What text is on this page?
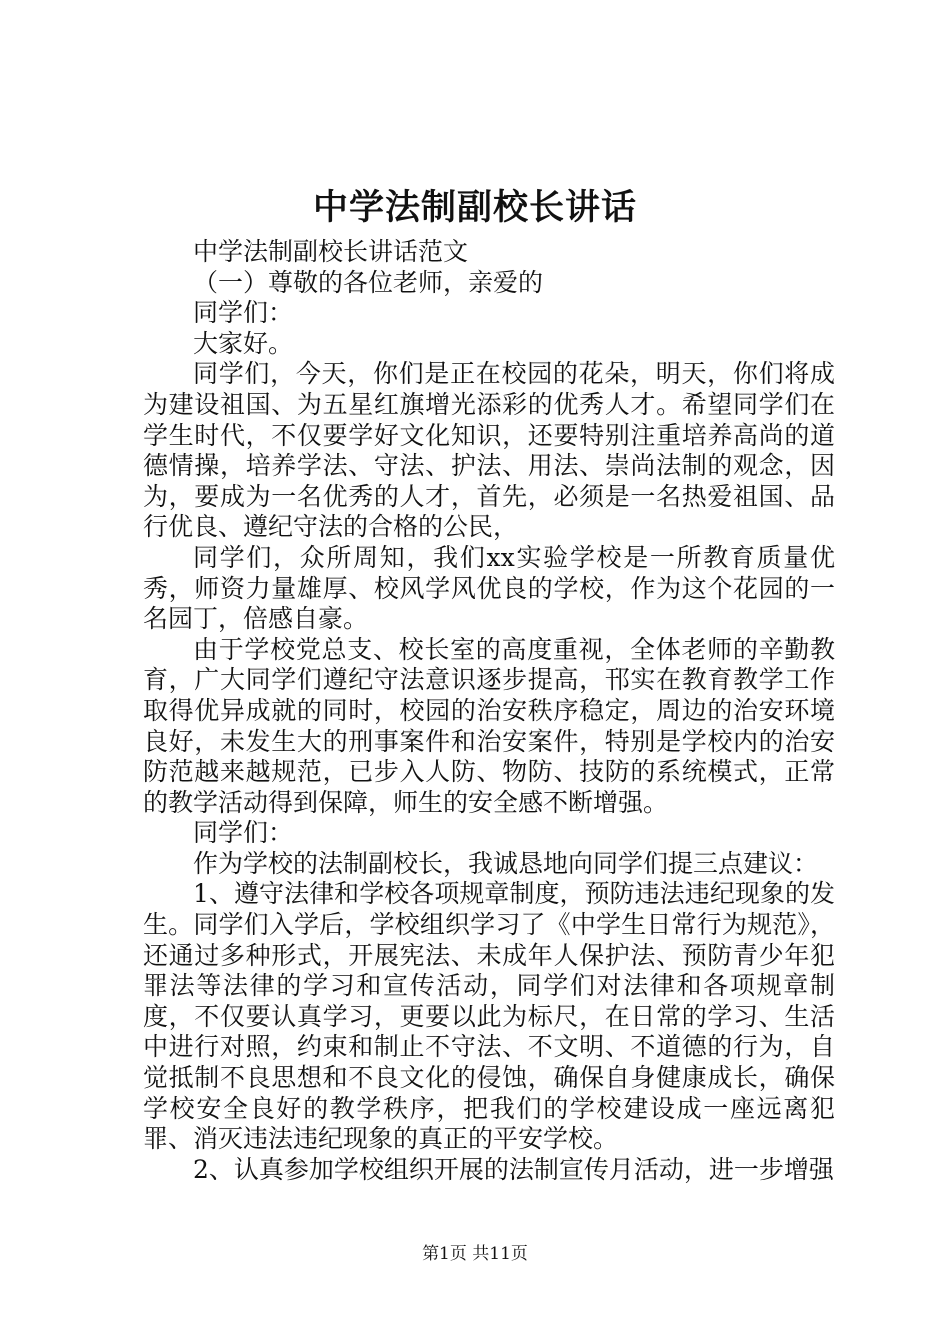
中学法制副校长讲话

中学法制副校长讲话范文

（一）尊敬的各位老师，亲爱的

同学们：

大家好。

同学们，今天，你们是正在校园的花朵，明天，你们将成为建设祖国、为五星红旗增光添彩的优秀人才。希望同学们在学生时代，不仅要学好文化知识，还要特别注重培养高尚的道德情操，培养学法、守法、护法、用法、崇尚法制的观念，因为，要成为一名优秀的人才，首先，必须是一名热爱祖国、品行优良、遵纪守法的合格的公民，

同学们，众所周知，我们xx实验学校是一所教育质量优秀，师资力量雄厚、校风学风优良的学校，作为这个花园的一名园丁，倍感自豪。

由于学校党总支、校长室的高度重视，全体老师的辛勤教育，广大同学们遵纪守法意识逐步提高，邗实在教育教学工作取得优异成就的同时，校园的治安秩序稳定，周边的治安环境良好，未发生大的刑事案件和治安案件，特别是学校内的治安防范越来越规范，已步入人防、物防、技防的系统模式，正常的教学活动得到保障，师生的安全感不断增强。

同学们：

作为学校的法制副校长，我诚恳地向同学们提三点建议：

1、遵守法律和学校各项规章制度，预防违法违纪现象的发生。同学们入学后，学校组织学习了《中学生日常行为规范》，还通过多种形式，开展宪法、未成年人保护法、预防青少年犯罪法等法律的学习和宣传活动，同学们对法律和各项规章制度，不仅要认真学习，更要以此为标尺，在日常的学习、生活中进行对照，约束和制止不守法、不文明、不道德的行为，自觉抵制不良思想和不良文化的侵蚀，确保自身健康成长，确保学校安全良好的教学秩序，把我们的学校建设成一座远离犯罪、消灭违法违纪现象的真正的平安学校。

2、认真参加学校组织开展的法制宣传月活动，进一步增强

第1页 共11页
